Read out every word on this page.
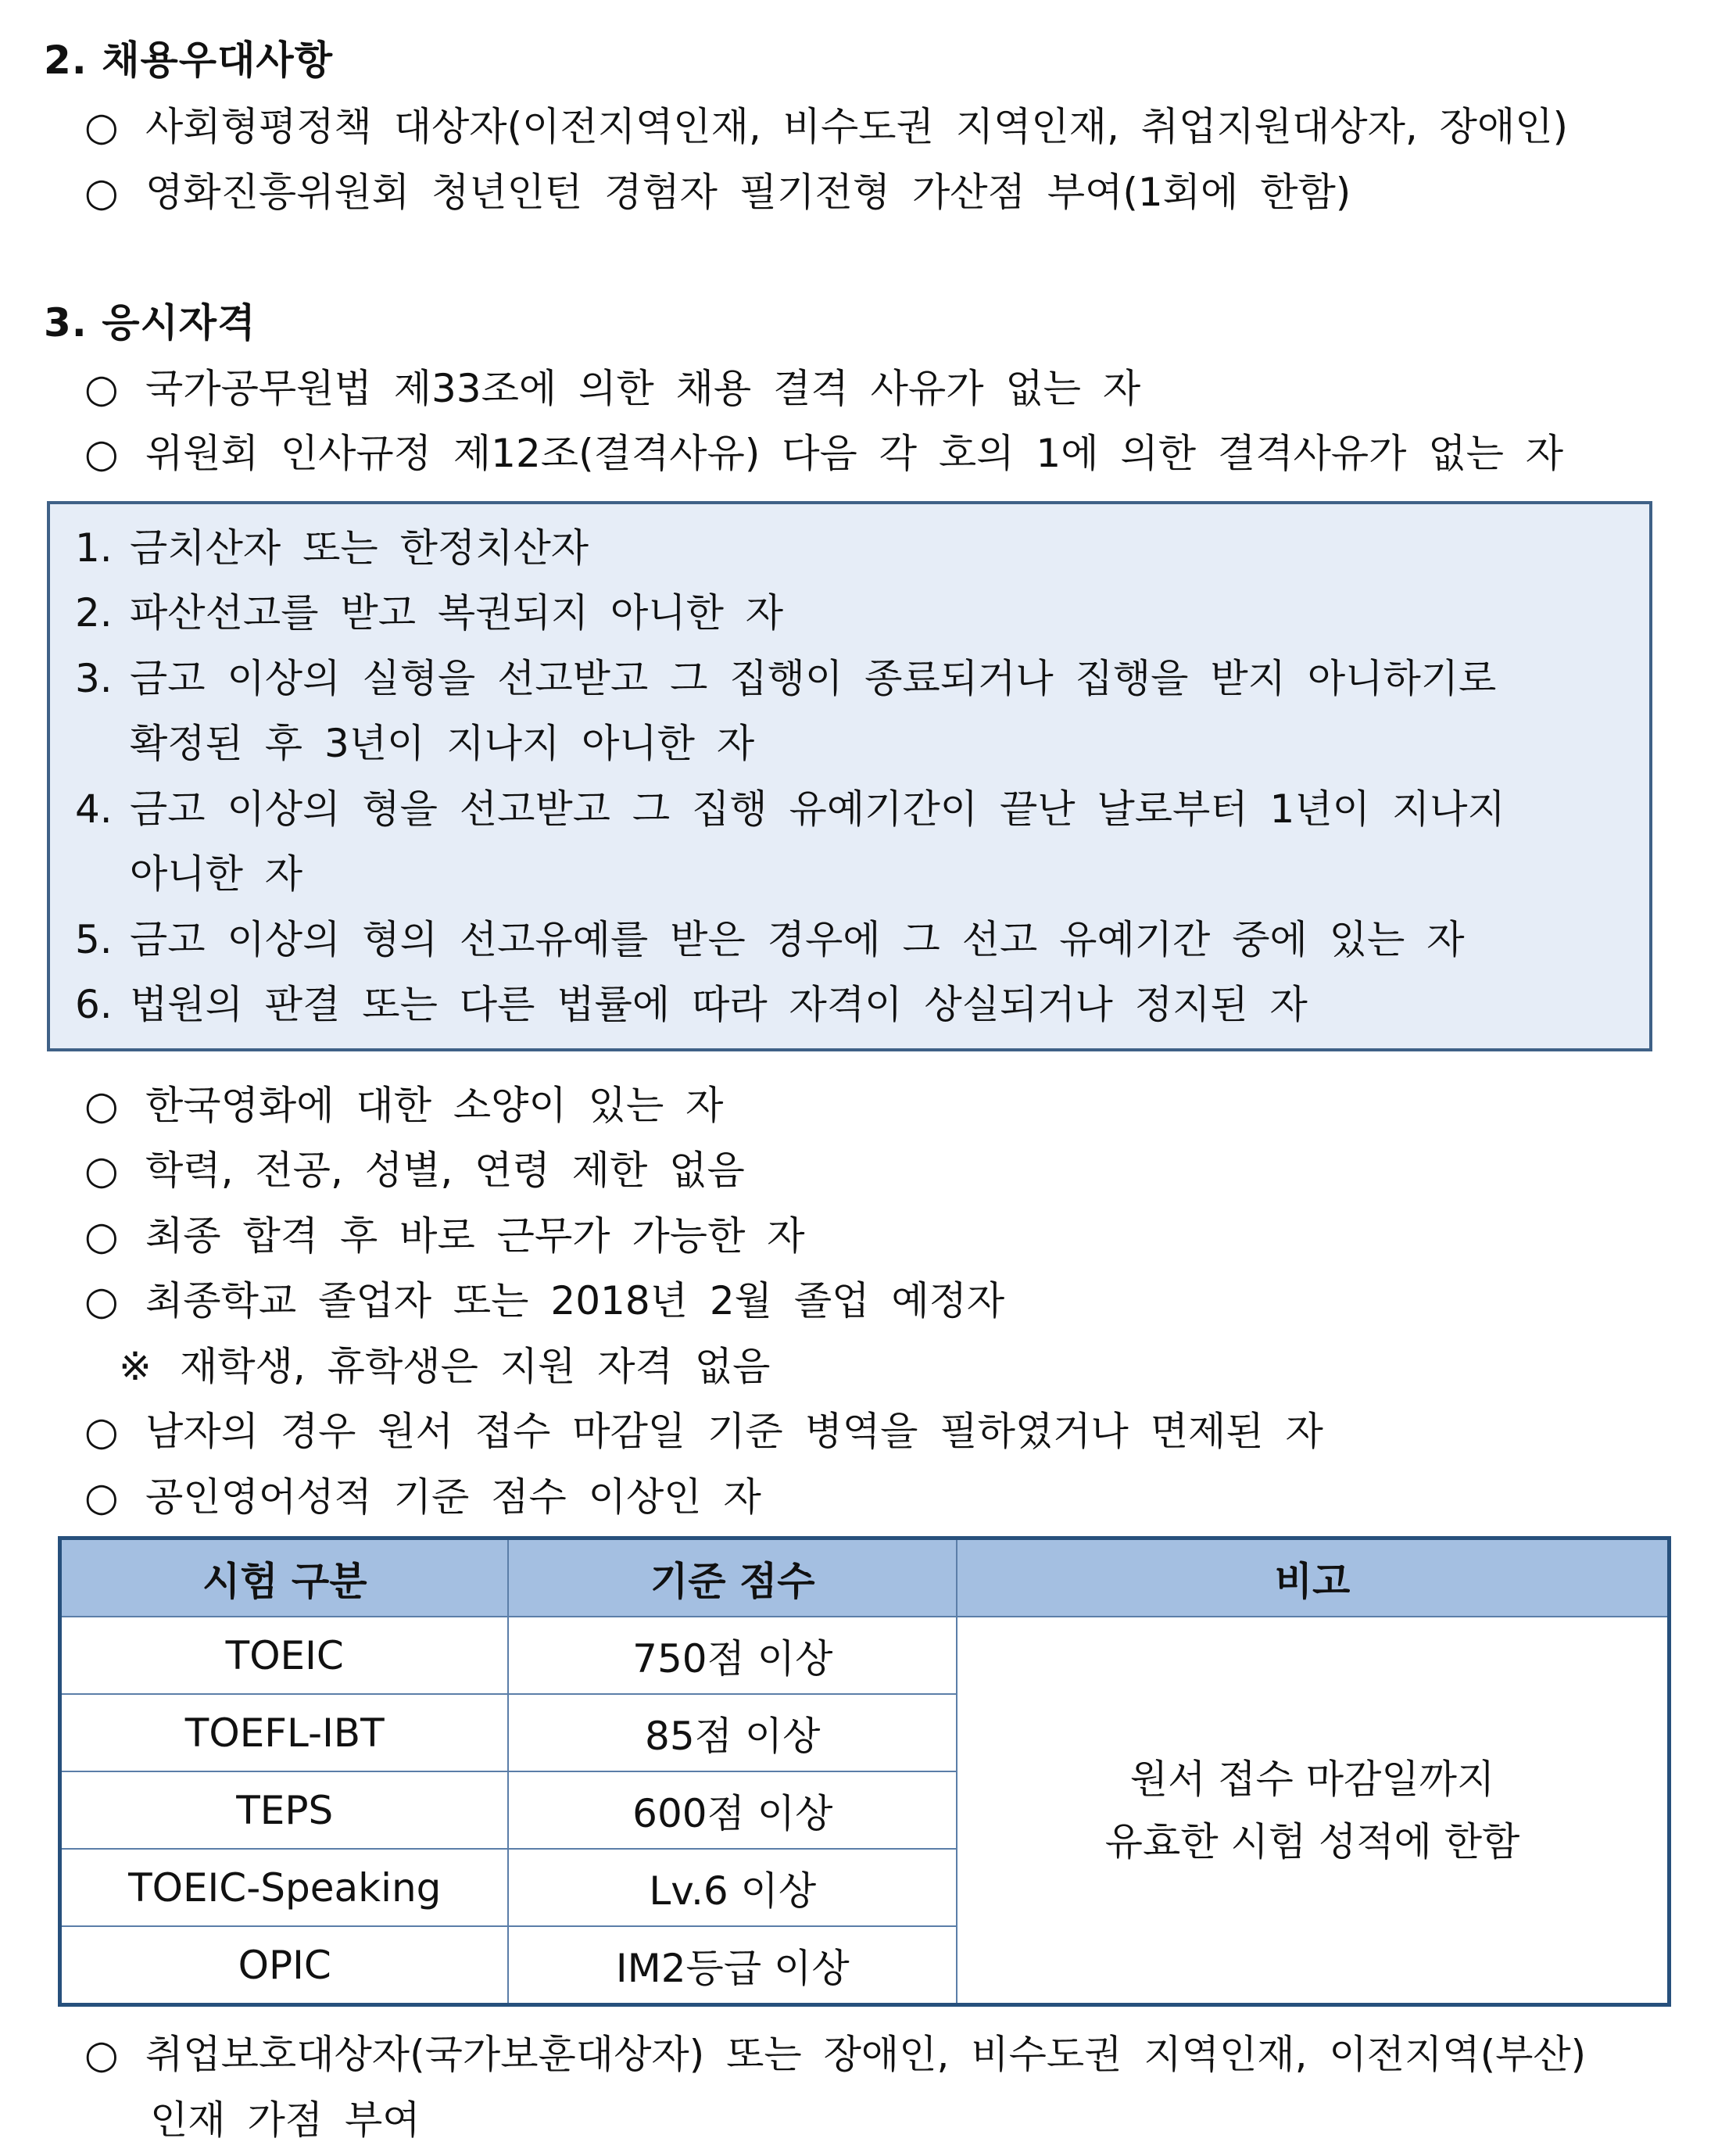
2. 채용우대사항
○ 사회형평정책 대상자(이전지역인재, 비수도권 지역인재, 취업지원대상자, 장애인)
○ 영화진흥위원회 청년인턴 경험자 필기전형 가산점 부여(1회에 한함)
3. 응시자격
○ 국가공무원법 제33조에 의한 채용 결격 사유가 없는 자
○ 위원회 인사규정 제12조(결격사유) 다음 각 호의 1에 의한 결격사유가 없는 자
1. 금치산자 또는 한정치산자
2. 파산선고를 받고 복권되지 아니한 자
3. 금고 이상의 실형을 선고받고 그 집행이 종료되거나 집행을 받지 아니하기로
확정된 후 3년이 지나지 아니한 자
4. 금고 이상의 형을 선고받고 그 집행 유예기간이 끝난 날로부터 1년이 지나지
아니한 자
5. 금고 이상의 형의 선고유예를 받은 경우에 그 선고 유예기간 중에 있는 자
6. 법원의 판결 또는 다른 법률에 따라 자격이 상실되거나 정지된 자
○ 한국영화에 대한 소양이 있는 자
○ 학력, 전공, 성별, 연령 제한 없음
○ 최종 합격 후 바로 근무가 가능한 자
○ 최종학교 졸업자 또는 2018년 2월 졸업 예정자
※ 재학생, 휴학생은 지원 자격 없음
○ 남자의 경우 원서 접수 마감일 기준 병역을 필하였거나 면제된 자
○ 공인영어성적 기준 점수 이상인 자
시험 구분	기준 점수	비고
TOEIC	750점 이상	원서 접수 마감일까지
유효한 시험 성적에 한함

TOEFL-IBT	85점 이상	
TEPS	600점 이상	
TOEIC-Speaking	Lv.6 이상	
OPIC	IM2등급 이상	
○ 취업보호대상자(국가보훈대상자) 또는 장애인, 비수도권 지역인재, 이전지역(부산)
인재 가점 부여
